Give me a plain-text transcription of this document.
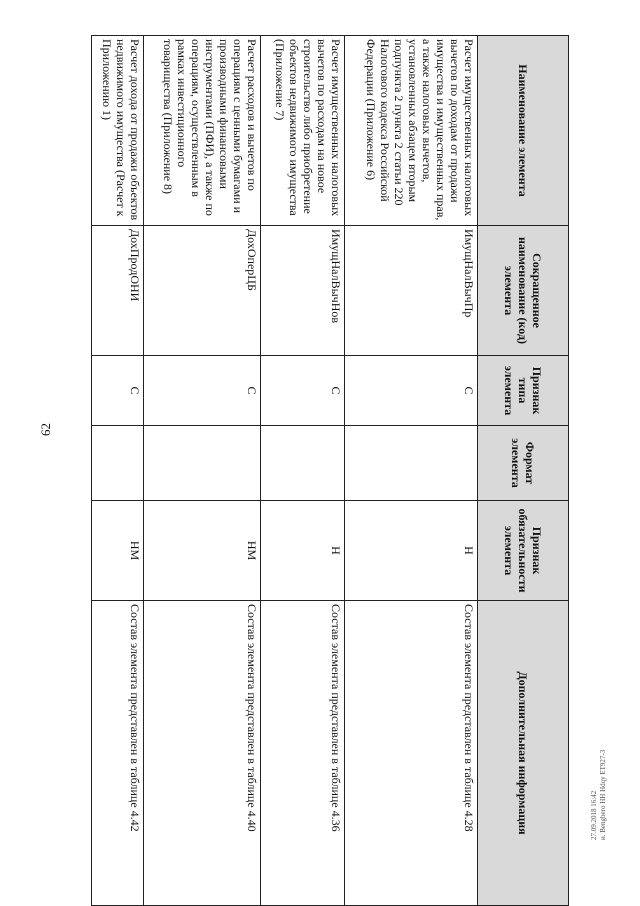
62
27.09.2018 16:42 и. Bengbero HH Hdqy ET927-3
Наименование элемента	Сокращенное наименование (код) элемента	Признак типа элемента	Формат элемента	Признак обязательности элемента	Дополнительная информация
Расчет имущественных налоговых вычетов по доходам от продажи имущества и имущественных прав, а также налоговых вычетов, установленных абзацем вторым подпункта 2 пункта 2 статьи 220 Налогового кодекса Российской Федерации (Приложение 6)	ИмущНалВычПр	С		Н	Состав элемента представлен в таблице 4.28
Расчет имущественных налоговых вычетов по расходам на новое строительство либо приобретение объектов недвижимого имущества (Приложение 7)	ИмущНалВычНов	С		Н	Состав элемента представлен в таблице 4.36
Расчет расходов и вычетов по операциям с ценными бумагами и производными финансовыми инструментами (ПФИ), а также по операциям, осуществленным в рамках инвестиционного товарищества (Приложение 8)	ДохОперЦБ	С		НМ	Состав элемента представлен в таблице 4.40
Расчет дохода от продажи объектов недвижимого имущества (Расчет к Приложению 1)	ДохПродОНИ	С		НМ	Состав элемента представлен в таблице 4.42
